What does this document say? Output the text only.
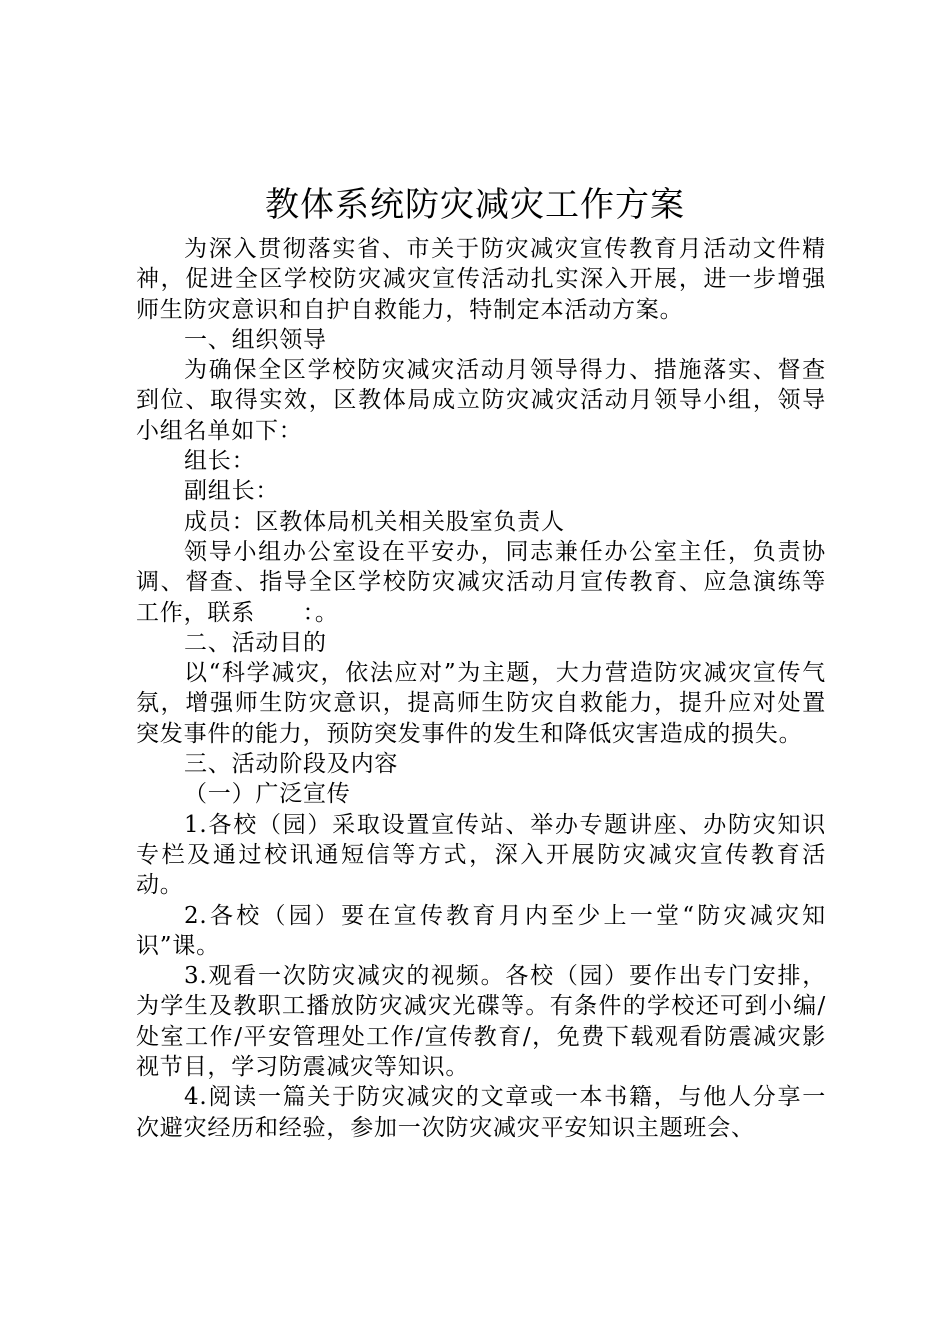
教体系统防灾减灾工作方案

为深入贯彻落实省、市关于防灾减灾宣传教育月活动文件精神，促进全区学校防灾减灾宣传活动扎实深入开展，进一步增强师生防灾意识和自护自救能力，特制定本活动方案。

一、组织领导

为确保全区学校防灾减灾活动月领导得力、措施落实、督查到位、取得实效，区教体局成立防灾减灾活动月领导小组，领导小组名单如下：

组长：

副组长：

成员：区教体局机关相关股室负责人

领导小组办公室设在平安办，同志兼任办公室主任，负责协调、督查、指导全区学校防灾减灾活动月宣传教育、应急演练等工作，联系　　：。

二、活动目的

以“科学减灾，依法应对”为主题，大力营造防灾减灾宣传气氛，增强师生防灾意识，提高师生防灾自救能力，提升应对处置突发事件的能力，预防突发事件的发生和降低灾害造成的损失。

三、活动阶段及内容

（一）广泛宣传

1.各校（园）采取设置宣传站、举办专题讲座、办防灾知识专栏及通过校讯通短信等方式，深入开展防灾减灾宣传教育活动。

2.各校（园）要在宣传教育月内至少上一堂“防灾减灾知识”课。

3.观看一次防灾减灾的视频。各校（园）要作出专门安排，为学生及教职工播放防灾减灾光碟等。有条件的学校还可到小编/处室工作/平安管理处工作/宣传教育/，免费下载观看防震减灾影视节目，学习防震减灾等知识。

4.阅读一篇关于防灾减灾的文章或一本书籍，与他人分享一次避灾经历和经验，参加一次防灾减灾平安知识主题班会、
